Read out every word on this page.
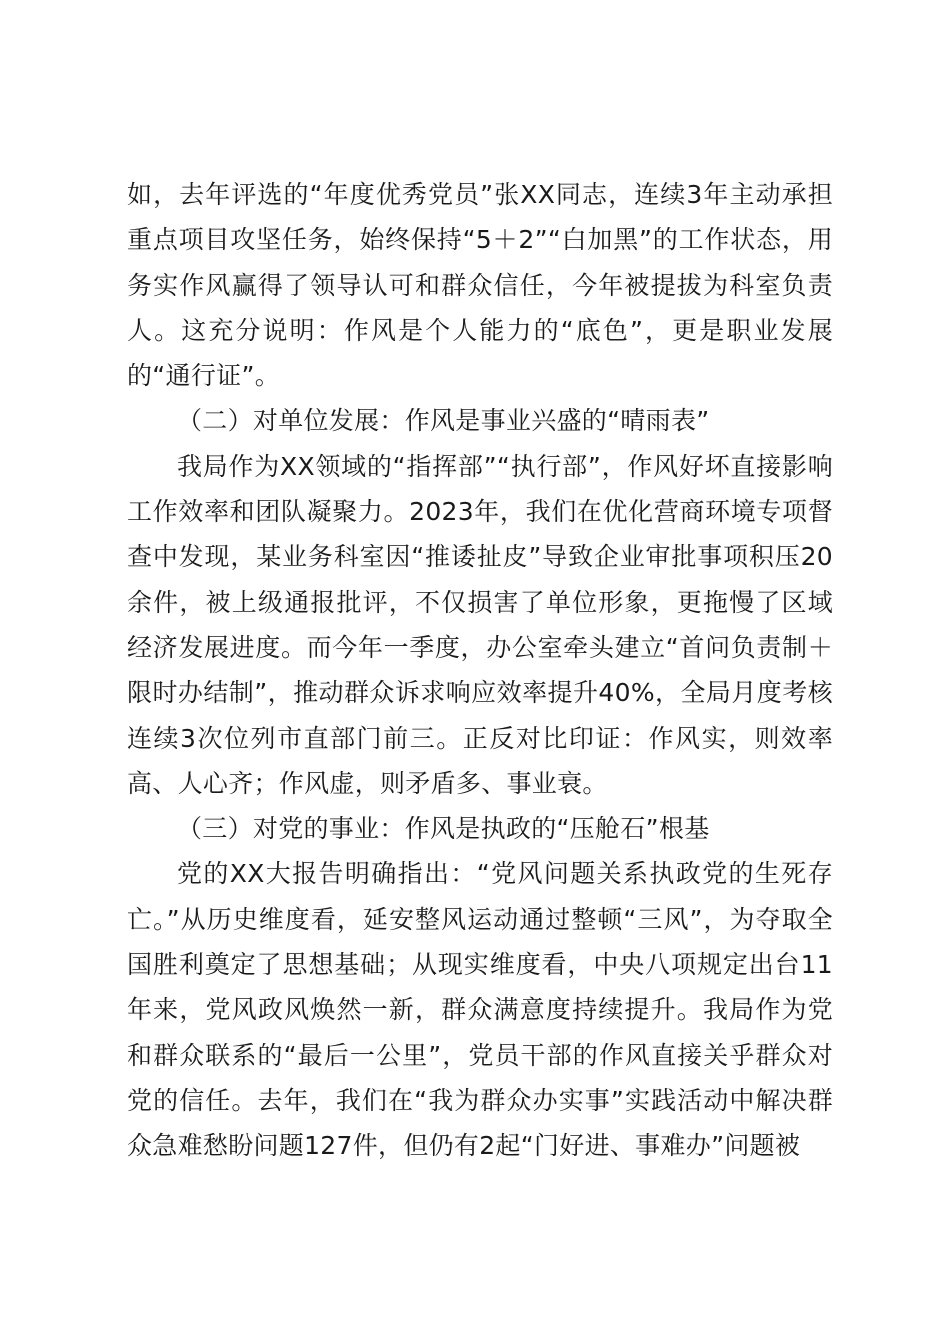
如，去年评选的“年度优秀党员”张XX同志，连续3年主动承担重点项目攻坚任务，始终保持“5＋2”“白加黑”的工作状态，用务实作风赢得了领导认可和群众信任，今年被提拔为科室负责人。这充分说明：作风是个人能力的“底色”，更是职业发展的“通行证”。

（二）对单位发展：作风是事业兴盛的“晴雨表”

我局作为XX领域的“指挥部”“执行部”，作风好坏直接影响工作效率和团队凝聚力。2023年，我们在优化营商环境专项督查中发现，某业务科室因“推诿扯皮”导致企业审批事项积压20余件，被上级通报批评，不仅损害了单位形象，更拖慢了区域经济发展进度。而今年一季度，办公室牵头建立“首问负责制＋限时办结制”，推动群众诉求响应效率提升40%，全局月度考核连续3次位列市直部门前三。正反对比印证：作风实，则效率高、人心齐；作风虚，则矛盾多、事业衰。

（三）对党的事业：作风是执政的“压舱石”根基

党的XX大报告明确指出：“党风问题关系执政党的生死存亡。”从历史维度看，延安整风运动通过整顿“三风”，为夺取全国胜利奠定了思想基础；从现实维度看，中央八项规定出台11年来，党风政风焕然一新，群众满意度持续提升。我局作为党和群众联系的“最后一公里”，党员干部的作风直接关乎群众对党的信任。去年，我们在“我为群众办实事”实践活动中解决群众急难愁盼问题127件，但仍有2起“门好进、事难办”问题被
